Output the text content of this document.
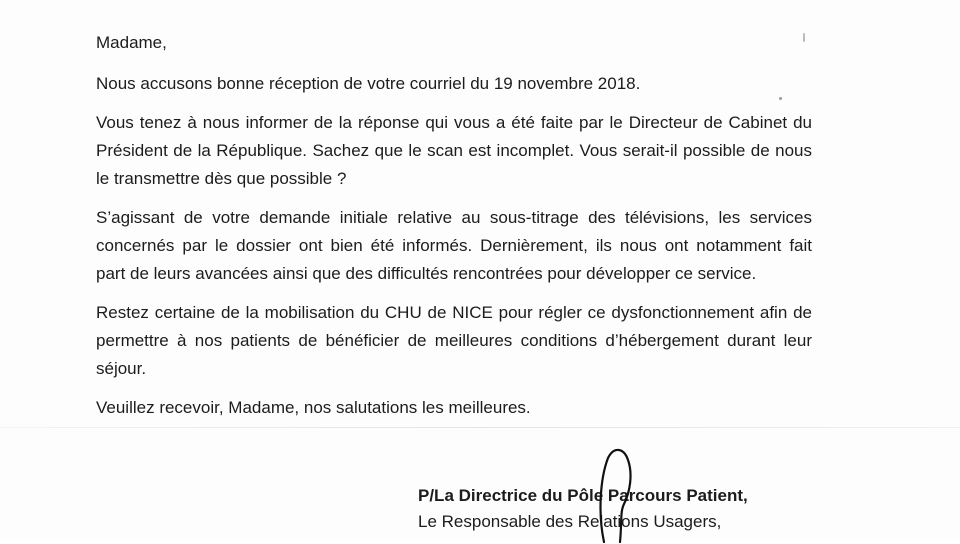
Madame,
Nous accusons bonne réception de votre courriel du 19 novembre 2018.
Vous tenez à nous informer de la réponse qui vous a été faite par le Directeur de Cabinet du
Président de la République. Sachez que le scan est incomplet. Vous serait-il possible de nous
le transmettre dès que possible ?
S’agissant de votre demande initiale relative au sous-titrage des télévisions, les services
concernés par le dossier ont bien été informés. Dernièrement, ils nous ont notamment fait
part de leurs avancées ainsi que des difficultés rencontrées pour développer ce service.
Restez certaine de la mobilisation du CHU de NICE pour régler ce dysfonctionnement afin de
permettre à nos patients de bénéficier de meilleures conditions d’hébergement durant leur
séjour.
Veuillez recevoir, Madame, nos salutations les meilleures.
P/La Directrice du Pôle Parcours Patient,
Le Responsable des Relations Usagers,
